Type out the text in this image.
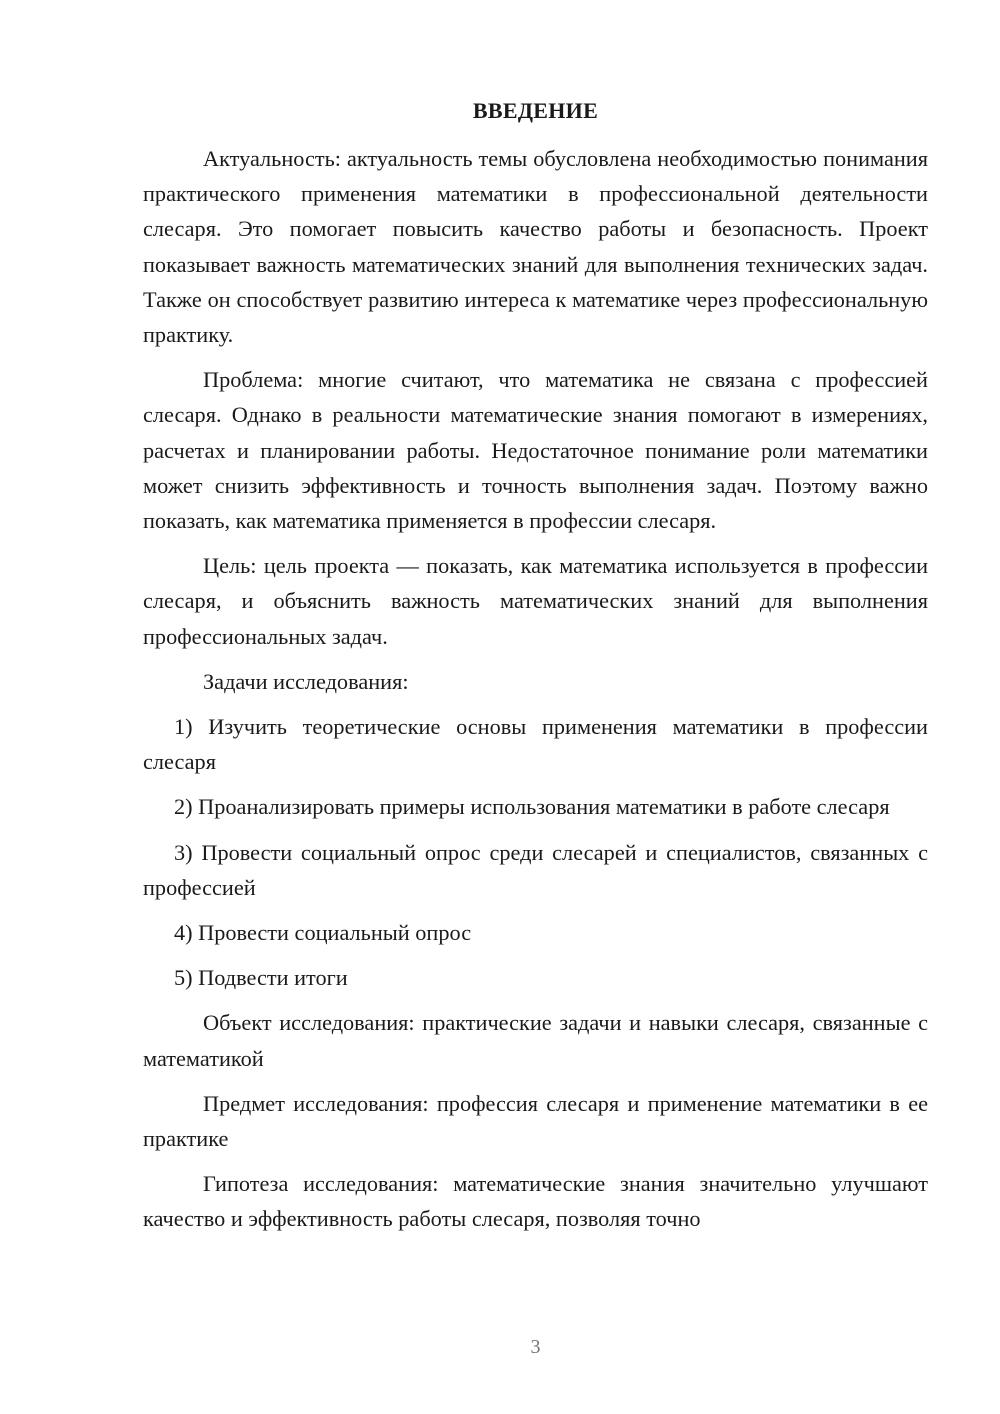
ВВЕДЕНИЕ

Актуальность: актуальность темы обусловлена необходимостью понимания практического применения математики в профессиональной деятельности слесаря. Это помогает повысить качество работы и безопасность. Проект показывает важность математических знаний для выполнения технических задач. Также он способствует развитию интереса к математике через профессиональную практику.

Проблема: многие считают, что математика не связана с профессией слесаря. Однако в реальности математические знания помогают в измерениях, расчетах и планировании работы. Недостаточное понимание роли математики может снизить эффективность и точность выполнения задач. Поэтому важно показать, как математика применяется в профессии слесаря.

Цель: цель проекта — показать, как математика используется в профессии слесаря, и объяснить важность математических знаний для выполнения профессиональных задач.

Задачи исследования:

1) Изучить теоретические основы применения математики в профессии слесаря

2) Проанализировать примеры использования математики в работе слесаря

3) Провести социальный опрос среди слесарей и специалистов, связанных с профессией

4) Провести социальный опрос

5) Подвести итоги

Объект исследования: практические задачи и навыки слесаря, связанные с математикой

Предмет исследования: профессия слесаря и применение математики в ее практике

Гипотеза исследования: математические знания значительно улучшают качество и эффективность работы слесаря, позволяя точно

3
